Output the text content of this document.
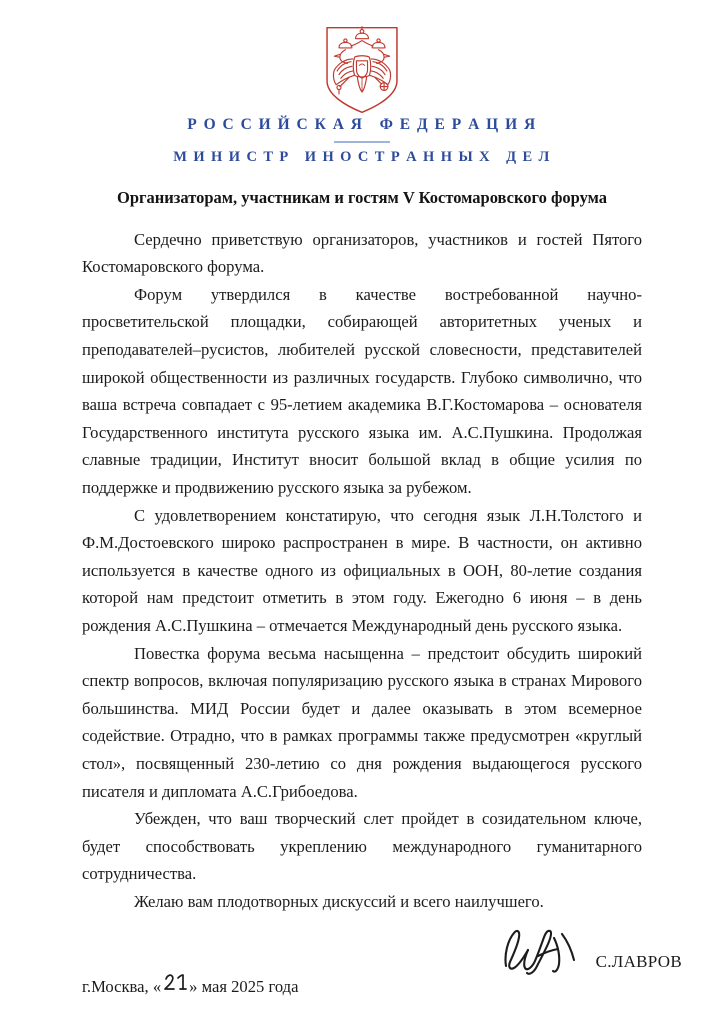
Р О С С И Й С К А Я   Ф Е Д Е Р А Ц И Я
М И Н И С Т Р   И Н О С Т Р А Н Н Ы Х   Д Е Л
Организаторам, участникам и гостям V Костомаровского форума

Сердечно приветствую организаторов, участников и гостей Пятого Костомаровского форума.

Форум утвердился в качестве востребованной научно-просветительской площадки, собирающей авторитетных ученых и преподавателей–русистов, любителей русской словесности, представителей широкой общественности из различных государств. Глубоко символично, что ваша встреча совпадает с 95-летием академика В.Г.Костомарова – основателя Государственного института русского языка им. А.С.Пушкина. Продолжая славные традиции, Институт вносит большой вклад в общие усилия по поддержке и продвижению русского языка за рубежом.

С удовлетворением констатирую, что сегодня язык Л.Н.Толстого и Ф.М.Достоевского широко распространен в мире. В частности, он активно используется в качестве одного из официальных в ООН, 80-летие создания которой нам предстоит отметить в этом году. Ежегодно 6 июня – в день рождения А.С.Пушкина – отмечается Международный день русского языка.

Повестка форума весьма насыщенна – предстоит обсудить широкий спектр вопросов, включая популяризацию русского языка в странах Мирового большинства. МИД России будет и далее оказывать в этом всемерное содействие. Отрадно, что в рамках программы также предусмотрен «круглый стол», посвященный 230-летию со дня рождения выдающегося русского писателя и дипломата А.С.Грибоедова.

Убежден, что ваш творческий слет пройдет в созидательном ключе, будет способствовать укреплению международного гуманитарного сотрудничества.

Желаю вам плодотворных дискуссий и всего наилучшего.

С.ЛАВРОВ
г.Москва, « » мая 2025 года
